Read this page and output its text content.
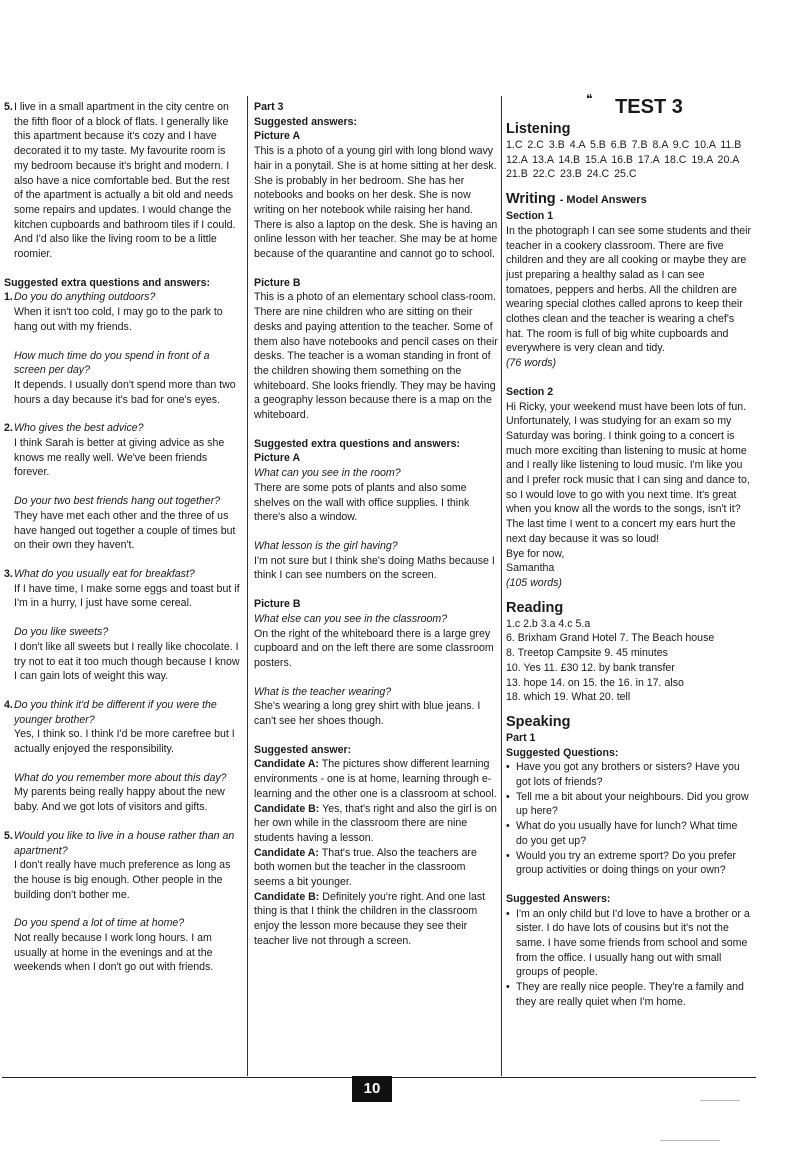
5. I live in a small apartment in the city centre on the fifth floor of a block of flats. I generally like this apartment because it's cozy and I have decorated it to my taste. My favourite room is my bedroom because it's bright and modern. I also have a nice comfortable bed. But the rest of the apartment is actually a bit old and needs some repairs and updates. I would change the kitchen cupboards and bathroom tiles if I could. And I'd also like the living room to be a little roomier.

Suggested extra questions and answers:

1. Do you do anything outdoors?

When it isn't too cold, I may go to the park to hang out with my friends.

How much time do you spend in front of a screen per day?

It depends. I usually don't spend more than two hours a day because it's bad for one's eyes.

2. Who gives the best advice?

I think Sarah is better at giving advice as she knows me really well. We've been friends forever.

Do your two best friends hang out together?

They have met each other and the three of us have hanged out together a couple of times but on their own they haven't.

3. What do you usually eat for breakfast?

If I have time, I make some eggs and toast but if I'm in a hurry, I just have some cereal.

Do you like sweets?

I don't like all sweets but I really like chocolate. I try not to eat it too much though because I know I can gain lots of weight this way.

4. Do you think it'd be different if you were the younger brother?

Yes, I think so. I think I'd be more carefree but I actually enjoyed the responsibility.

What do you remember more about this day?

My parents being really happy about the new baby. And we got lots of visitors and gifts.

5. Would you like to live in a house rather than an apartment?

I don't really have much preference as long as the house is big enough. Other people in the building don't bother me.

Do you spend a lot of time at home?

Not really because I work long hours. I am usually at home in the evenings and at the weekends when I don't go out with friends.

Part 3

Suggested answers:

Picture A

This is a photo of a young girl with long blond wavy hair in a ponytail. She is at home sitting at her desk. She is probably in her bedroom. She has her notebooks and books on her desk. She is now writing on her notebook while raising her hand. There is also a laptop on the desk. She is having an online lesson with her teacher. She may be at home because of the quarantine and cannot go to school.

Picture B

This is a photo of an elementary school class-room. There are nine children who are sitting on their desks and paying attention to the teacher. Some of them also have notebooks and pencil cases on their desks. The teacher is a woman standing in front of the children showing them something on the whiteboard. She looks friendly. They may be having a geography lesson because there is a map on the whiteboard.

Suggested extra questions and answers:

Picture A

What can you see in the room?

There are some pots of plants and also some shelves on the wall with office supplies. I think there's also a window.

What lesson is the girl having?

I'm not sure but I think she's doing Maths because I think I can see numbers on the screen.

Picture B

What else can you see in the classroom?

On the right of the whiteboard there is a large grey cupboard and on the left there are some classroom posters.

What is the teacher wearing?

She's wearing a long grey shirt with blue jeans. I can't see her shoes though.

Suggested answer:

Candidate A: The pictures show different learning environments - one is at home, learning through e-learning and the other one is a classroom at school.

Candidate B: Yes, that's right and also the girl is on her own while in the classroom there are nine students having a lesson.

Candidate A: That's true. Also the teachers are both women but the teacher in the classroom seems a bit younger.

Candidate B: Definitely you're right. And one last thing is that I think the children in the classroom enjoy the lesson more because they see their teacher live not through a screen.

❝	TEST 3

Listening

1.C 2.C 3.B 4.A 5.B 6.B 7.B 8.A 9.C 10.A 11.B 12.A 13.A 14.B 15.A 16.B 17.A 18.C 19.A 20.A 21.B 22.C 23.B 24.C 25.C

Writing - Model Answers

Section 1

In the photograph I can see some students and their teacher in a cookery classroom. There are five children and they are all cooking or maybe they are just preparing a healthy salad as I can see tomatoes, peppers and herbs. All the children are wearing special clothes called aprons to keep their clothes clean and the teacher is wearing a chef's hat. The room is full of big white cupboards and everywhere is very clean and tidy.

(76 words)

Section 2

Hi Ricky, your weekend must have been lots of fun. Unfortunately, I was studying for an exam so my Saturday was boring. I think going to a concert is much more exciting than listening to music at home and I really like listening to loud music. I'm like you and I prefer rock music that I can sing and dance to, so I would love to go with you next time. It's great when you know all the words to the songs, isn't it? The last time I went to a concert my ears hurt the next day because it was so loud!

Bye for now,

Samantha

(105 words)

Reading

1.c 2.b 3.a 4.c 5.a

6. Brixham Grand Hotel 7. The Beach house

8. Treetop Campsite 9. 45 minutes

10. Yes 11. £30 12. by bank transfer

13. hope 14. on 15. the 16. in 17. also

18. which 19. What 20. tell

Speaking

Part 1

Suggested Questions:

• Have you got any brothers or sisters? Have you got lots of friends?
• Tell me a bit about your neighbours. Did you grow up here?
• What do you usually have for lunch? What time do you get up?
• Would you try an extreme sport? Do you prefer group activities or doing things on your own?

Suggested Answers:

• I'm an only child but I'd love to have a brother or a sister. I do have lots of cousins but it's not the same. I have some friends from school and some from the office. I usually hang out with small groups of people.
• They are really nice people. They're a family and they are really quiet when I'm home.
10
